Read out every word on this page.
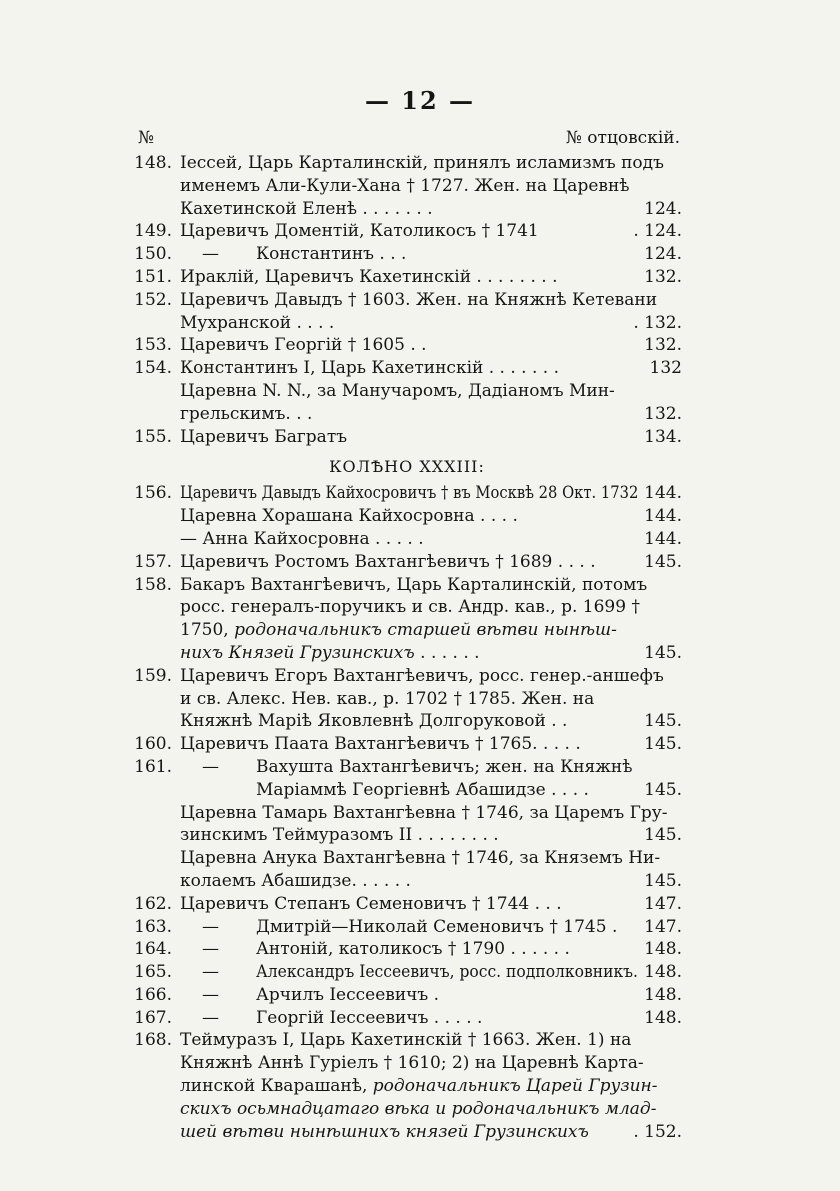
— 12 —
№	№ отцовскій.
148. Іессей, Царь Карталинскій, принялъ исламизмъ подъ
именемъ Али-Кули-Хана † 1727. Жен. на Царевнѣ
Кахетинской Еленѣ . . . . . . .	124.
149. Царевичъ Доментій, Католикосъ † 1741	. 124.
150. — Константинъ . . .	124.
151. Ираклій, Царевичъ Кахетинскій . . . . . . . .	132.
152. Царевичъ Давыдъ † 1603. Жен. на Княжнѣ Кетевани
Мухранской . . . .	. 132.
153. Царевичъ Георгій † 1605 . .	132.
154. Константинъ I, Царь Кахетинскій . . . . . . .	132
Царевна N. N., за Манучаромъ, Дадіаномъ Мин-
грельскимъ. . .	132.
155. Царевичъ Багратъ	134.
КОЛѢНО XXXIII:
156. Царевичъ Давыдъ Кайхосровичъ † въ Москвѣ 28 Окт. 1732 144.
Царевна Хорашана Кайхосровна . . . .	144.
— Анна Кайхосровна . . . . .	144.
157. Царевичъ Ростомъ Вахтангѣевичъ † 1689 . . . .	145.
158. Бакаръ Вахтангѣевичъ, Царь Карталинскій, потомъ
росс. генералъ-поручикъ и св. Андр. кав., р. 1699 †
1750, родоначальникъ старшей вѣтви нынѣш-
нихъ Князей Грузинскихъ . . . . . .	145.
159. Царевичъ Егоръ Вахтангѣевичъ, росс. генер.-аншефъ
и св. Алекс. Нев. кав., р. 1702 † 1785. Жен. на
Княжнѣ Маріѣ Яковлевнѣ Долгоруковой . .	145.
160. Царевичъ Паата Вахтангѣевичъ † 1765. . . . .	145.
161. — Вахушта Вахтангѣевичъ; жен. на Княжнѣ
Маріаммѣ Георгіевнѣ Абашидзе . . . .	145.
Царевна Тамарь Вахтангѣевна † 1746, за Царемъ Гру-
зинскимъ Теймуразомъ II . . . . . . . .	145.
Царевна Анука Вахтангѣевна † 1746, за Княземъ Ни-
колаемъ Абашидзе. . . . . .	145.
162. Царевичъ Степанъ Семеновичъ † 1744 . . .	147.
163. — Дмитрій—Николай Семеновичъ † 1745 . 147.
164. — Антоній, католикосъ † 1790 . . . . . .	148.
165. — Александръ Іессеевичъ, росс. подполковникъ. 148.
166. — Арчилъ Іессеевичъ .	148.
167. — Георгій Іессеевичъ . . . . .	148.
168. Теймуразъ I, Царь Кахетинскій † 1663. Жен. 1) на
Княжнѣ Аннѣ Гуріелъ † 1610; 2) на Царевнѣ Карта-
линской Кварашанѣ, родоначальникъ Царей Грузин-
скихъ осьмнадцатаго вѣка и родоначальникъ млад-
шей вѣтви нынѣшнихъ князей Грузинскихъ	. 152.
